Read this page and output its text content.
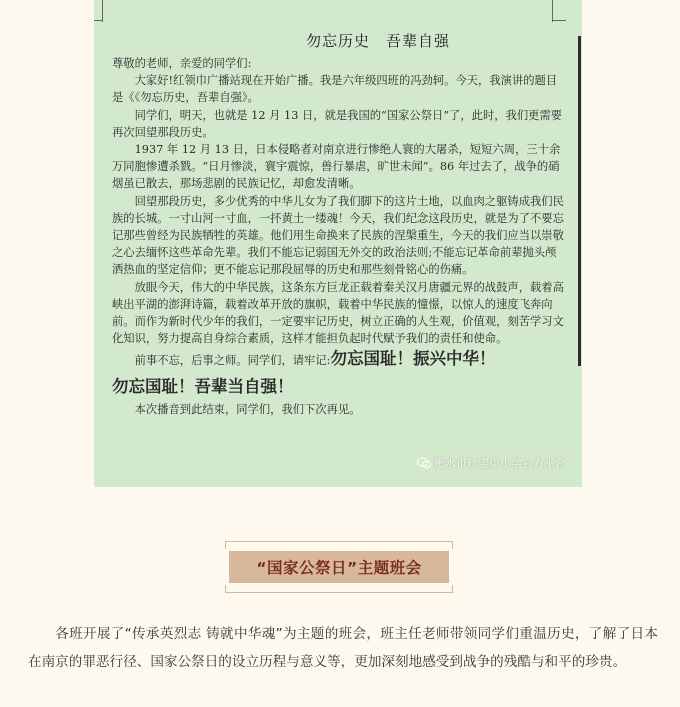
勿忘历史　吾辈自强

尊敬的老师，亲爱的同学们:

大家好!红领巾广播站现在开始广播。我是六年级四班的冯劲轲。今天，我演讲的题目是《《勿忘历史，吾辈自强》。

同学们，明天，也就是 12 月 13 日，就是我国的“国家公祭日”了，此时，我们更需要再次回望那段历史。

1937 年 12 月 13 日，日本侵略者对南京进行惨绝人寰的大屠杀，短短六周，三十余万同胞惨遭杀戮。“日月惨淡，寰宇震惊，兽行暴虐，旷世未闻”。86 年过去了，战争的硝烟虽已散去，那场悲剧的民族记忆，却愈发清晰。

回望那段历史，多少优秀的中华儿女为了我们脚下的这片土地，以血肉之躯铸成我们民族的长城。一寸山河一寸血，一抔黄土一缕魂！今天，我们纪念这段历史，就是为了不要忘记那些曾经为民族牺牲的英雄。他们用生命换来了民族的涅槃重生，今天的我们应当以崇敬之心去缅怀这些革命先辈。我们不能忘记弱国无外交的政治法则;不能忘记革命前辈抛头颅洒热血的坚定信仰；更不能忘记那段屈辱的历史和那些刻骨铭心的伤痛。

放眼今天，伟大的中华民族，这条东方巨龙正载着秦关汉月唐疆元界的战鼓声，载着高峡出平湖的澎湃诗篇，载着改革开放的旗帜，载着中华民族的憧憬，以惊人的速度飞奔向前。而作为新时代少年的我们，一定要牢记历史，树立正确的人生观，价值观，刻苦学习文化知识，努力提高自身综合素质，这样才能担负起时代赋予我们的责任和使命。

前事不忘，后事之师。同学们，请牢记:勿忘国耻！振兴中华！

勿忘国耻！吾辈当自强！

本次播音到此结束，同学们，我们下次再见。

衡水市珍宝街小学官方平台
“国家公祭日”主题班会

各班开展了“传承英烈志 铸就中华魂”为主题的班会，班主任老师带领同学们重温历史，了解了日本在南京的罪恶行径、国家公祭日的设立历程与意义等，更加深刻地感受到战争的残酷与和平的珍贵。
